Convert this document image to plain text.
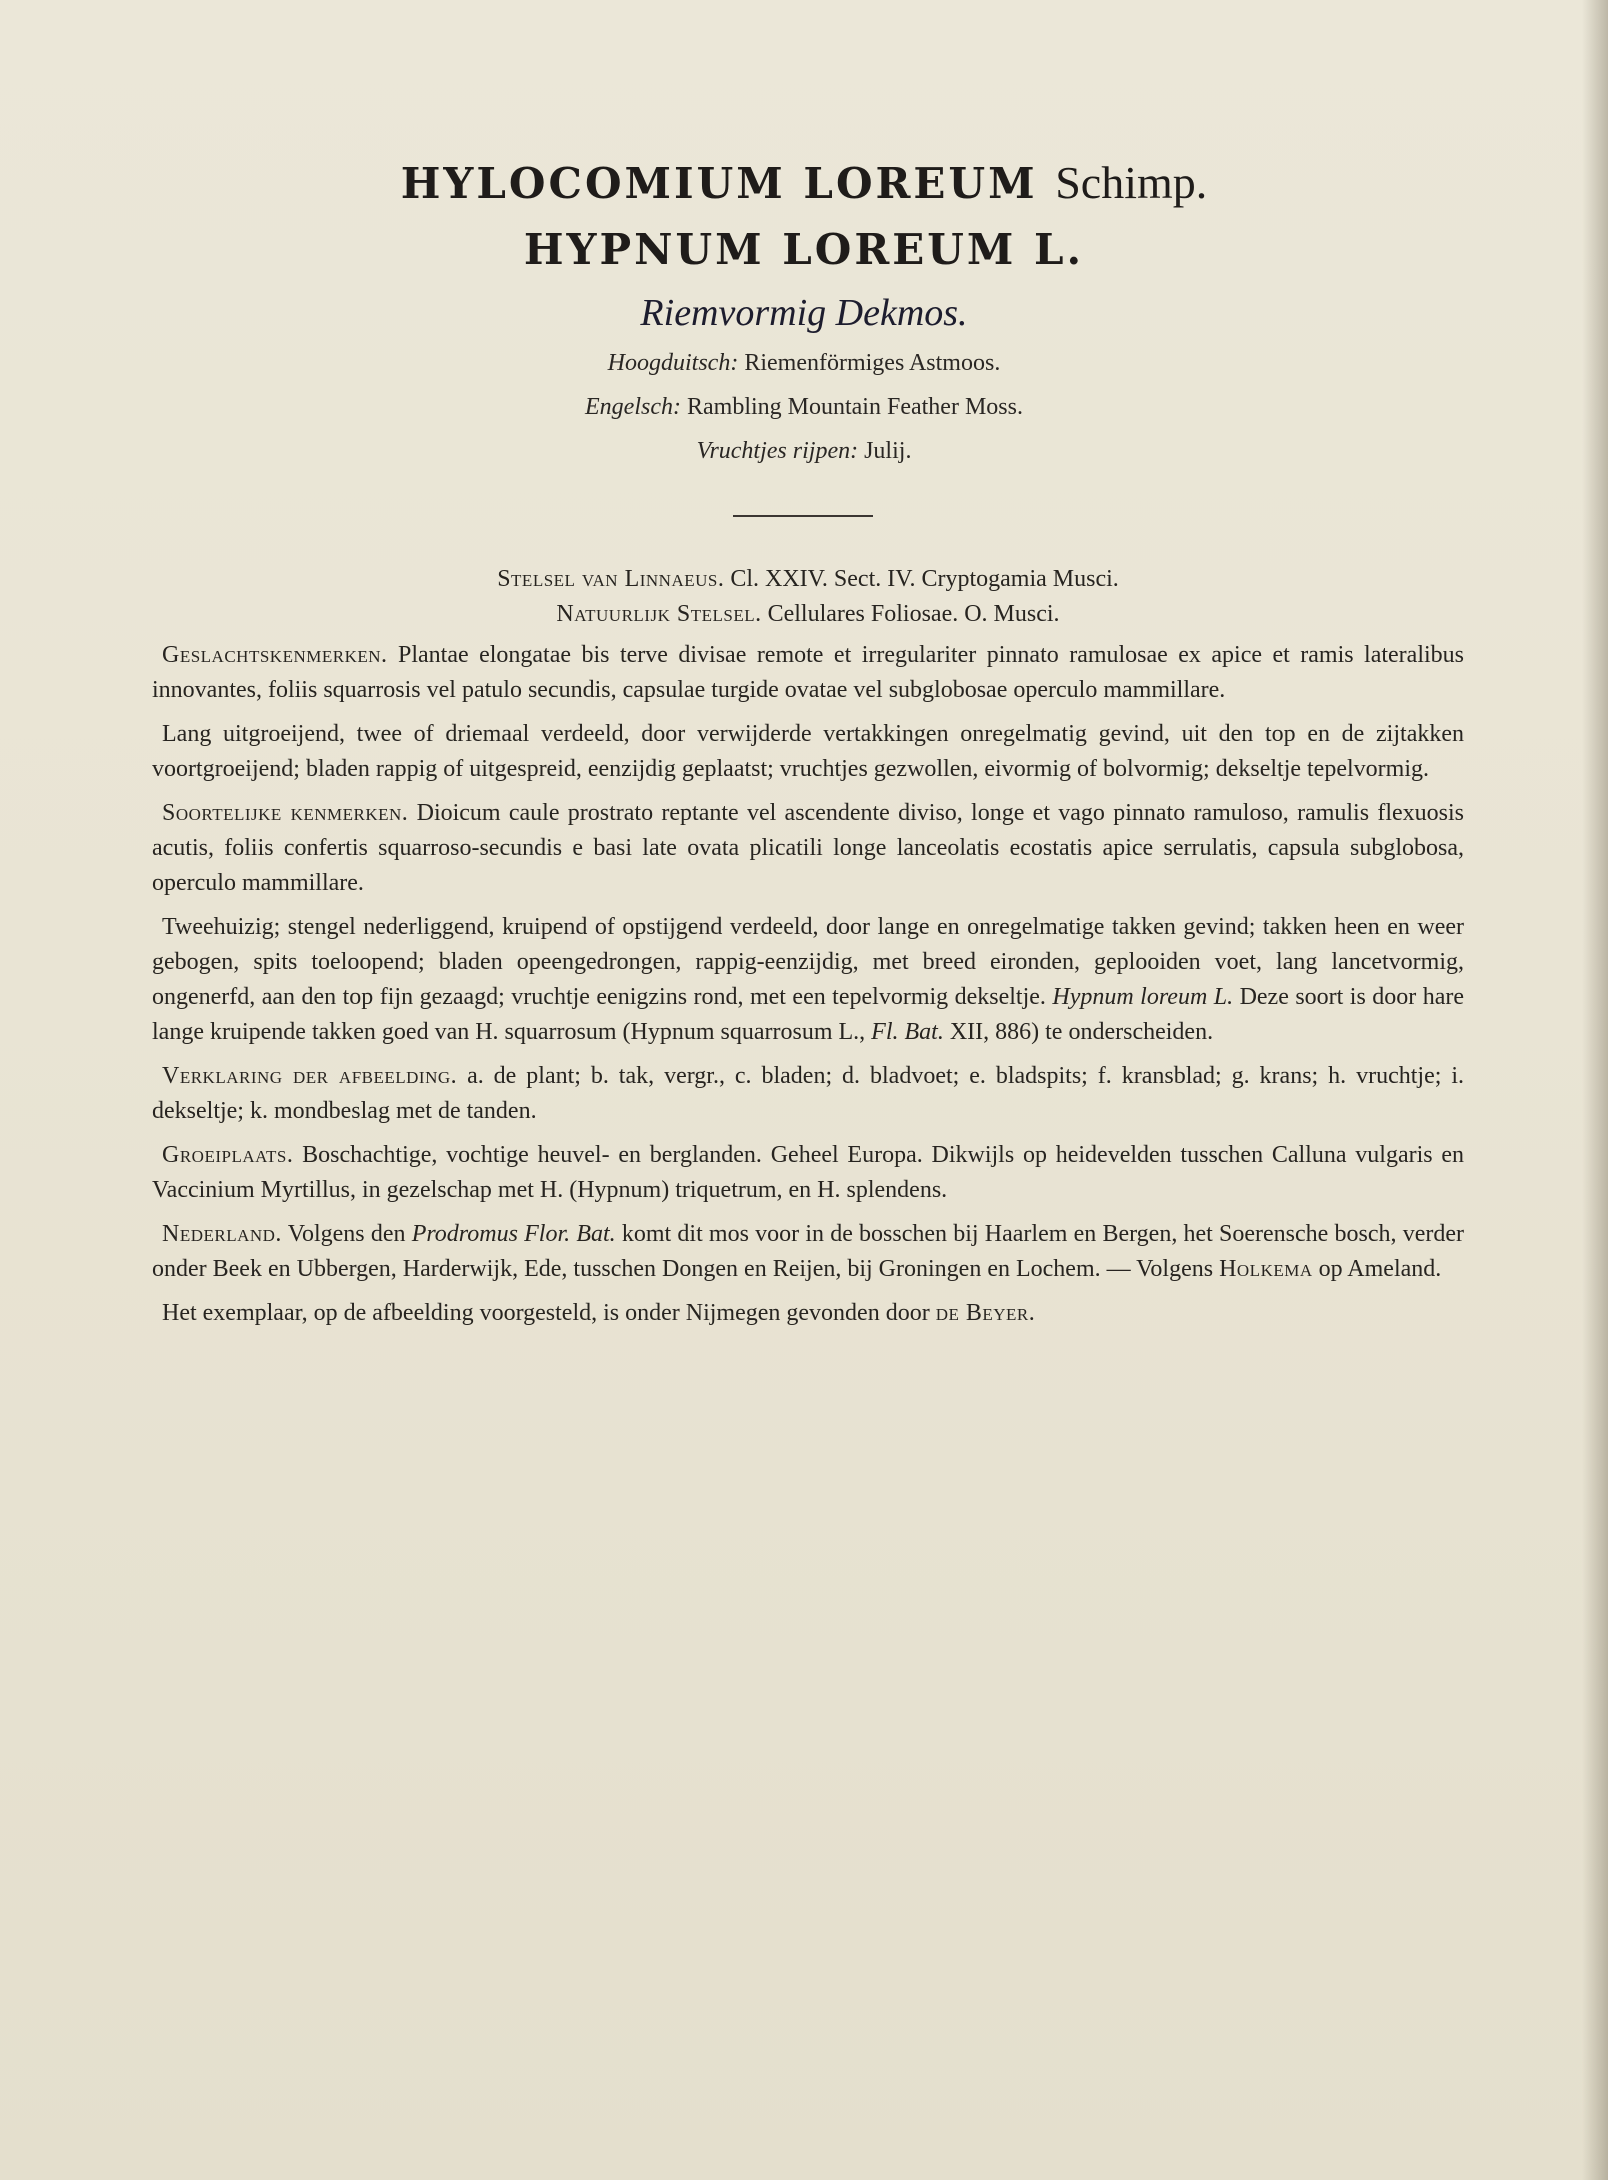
HYLOCOMIUM LOREUM Schimp.
HYPNUM LOREUM L.
Riemvormig Dekmos.
Hoogduitsch: Riemenförmiges Astmoos.
Engelsch: Rambling Mountain Feather Moss.
Vruchtjes rijpen: Julij.
Stelsel van Linnaeus. Cl. XXIV. Sect. IV. Cryptogamia Musci.
Natuurlijk Stelsel. Cellulares Foliosae. O. Musci.

Geslachtskenmerken. Plantae elongatae bis terve divisae remote et irregulariter pinnato ramulosae ex apice et ramis lateralibus innovantes, foliis squarrosis vel patulo secundis, capsulae turgide ovatae vel subglobosae operculo mammillare.

Lang uitgroeijend, twee of driemaal verdeeld, door verwijderde vertakkingen onregelmatig gevind, uit den top en de zijtakken voortgroeijend; bladen rappig of uitgespreid, eenzijdig geplaatst; vruchtjes gezwollen, eivormig of bolvormig; dekseltje tepelvormig.

Soortelijke kenmerken. Dioicum caule prostrato reptante vel ascendente diviso, longe et vago pinnato ramuloso, ramulis flexuosis acutis, foliis confertis squarroso-secundis e basi late ovata plicatili longe lanceolatis ecostatis apice serrulatis, capsula subglobosa, operculo mammillare.

Tweehuizig; stengel nederliggend, kruipend of opstijgend verdeeld, door lange en onregelmatige takken gevind; takken heen en weer gebogen, spits toeloopend; bladen opeengedrongen, rappig-eenzijdig, met breed eironden, geplooiden voet, lang lancetvormig, ongenerfd, aan den top fijn gezaagd; vruchtje eenigzins rond, met een tepelvormig dekseltje. Hypnum loreum L. Deze soort is door hare lange kruipende takken goed van H. squarrosum (Hypnum squarrosum L., Fl. Bat. XII, 886) te onderscheiden.

Verklaring der afbeelding. a. de plant; b. tak, vergr., c. bladen; d. bladvoet; e. bladspits; f. kransblad; g. krans; h. vruchtje; i. dekseltje; k. mondbeslag met de tanden.

Groeiplaats. Boschachtige, vochtige heuvel- en berglanden. Geheel Europa. Dikwijls op heidevelden tusschen Calluna vulgaris en Vaccinium Myrtillus, in gezelschap met H. (Hypnum) triquetrum, en H. splendens.

Nederland. Volgens den Prodromus Flor. Bat. komt dit mos voor in de bosschen bij Haarlem en Bergen, het Soerensche bosch, verder onder Beek en Ubbergen, Harderwijk, Ede, tusschen Dongen en Reijen, bij Groningen en Lochem. — Volgens Holkema op Ameland.

Het exemplaar, op de afbeelding voorgesteld, is onder Nijmegen gevonden door de Beyer.
